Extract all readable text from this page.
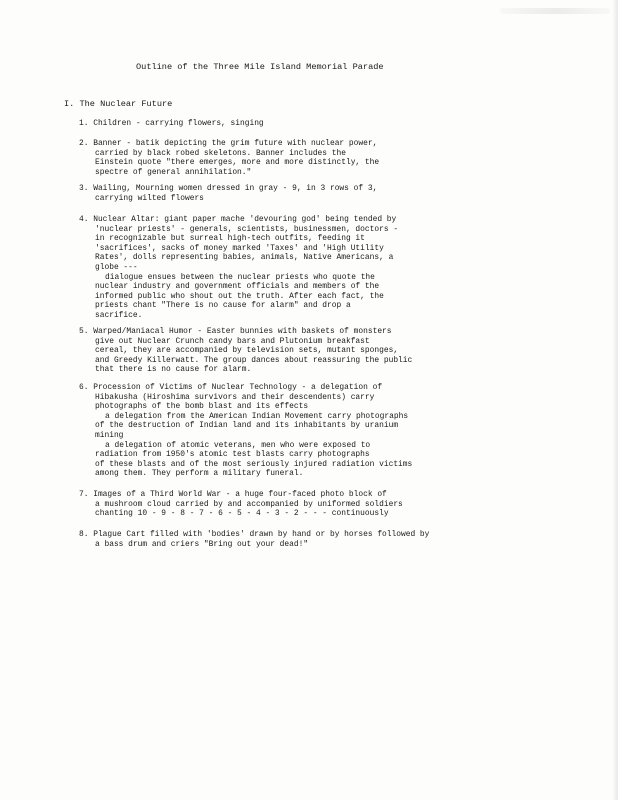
Outline of the Three Mile Island Memorial Parade
I. The Nuclear Future
1. Children - carrying flowers, singing
2. Banner - batik depicting the grim future with nuclear power,
carried by black robed skeletons. Banner includes the
Einstein quote "there emerges, more and more distinctly, the
spectre of general annihilation."
3. Wailing, Mourning women dressed in gray - 9, in 3 rows of 3,
carrying wilted flowers
4. Nuclear Altar: giant paper mache 'devouring god' being tended by
'nuclear priests' - generals, scientists, businessmen, doctors -
in recognizable but surreal high-tech outfits, feeding it
'sacrifices', sacks of money marked 'Taxes' and 'High Utility
Rates', dolls representing babies, animals, Native Americans, a
globe ---
dialogue ensues between the nuclear priests who quote the
nuclear industry and government officials and members of the
informed public who shout out the truth. After each fact, the
priests chant "There is no cause for alarm" and drop a
sacrifice.
5. Warped/Maniacal Humor - Easter bunnies with baskets of monsters
give out Nuclear Crunch candy bars and Plutonium breakfast
cereal, they are accompanied by television sets, mutant sponges,
and Greedy Killerwatt. The group dances about reassuring the public
that there is no cause for alarm.
6. Procession of Victims of Nuclear Technology - a delegation of
Hibakusha (Hiroshima survivors and their descendents) carry
photographs of the bomb blast and its effects
a delegation from the American Indian Movement carry photographs
of the destruction of Indian land and its inhabitants by uranium
mining
a delegation of atomic veterans, men who were exposed to
radiation from 1950's atomic test blasts carry photographs
of these blasts and of the most seriously injured radiation victims
among them. They perform a military funeral.
7. Images of a Third World War - a huge four-faced photo block of
a mushroom cloud carried by and accompanied by uniformed soldiers
chanting 10 - 9 - 8 - 7 - 6 - 5 - 4 - 3 - 2 - - - continuously
8. Plague Cart filled with 'bodies' drawn by hand or by horses followed by
a bass drum and criers "Bring out your dead!"
